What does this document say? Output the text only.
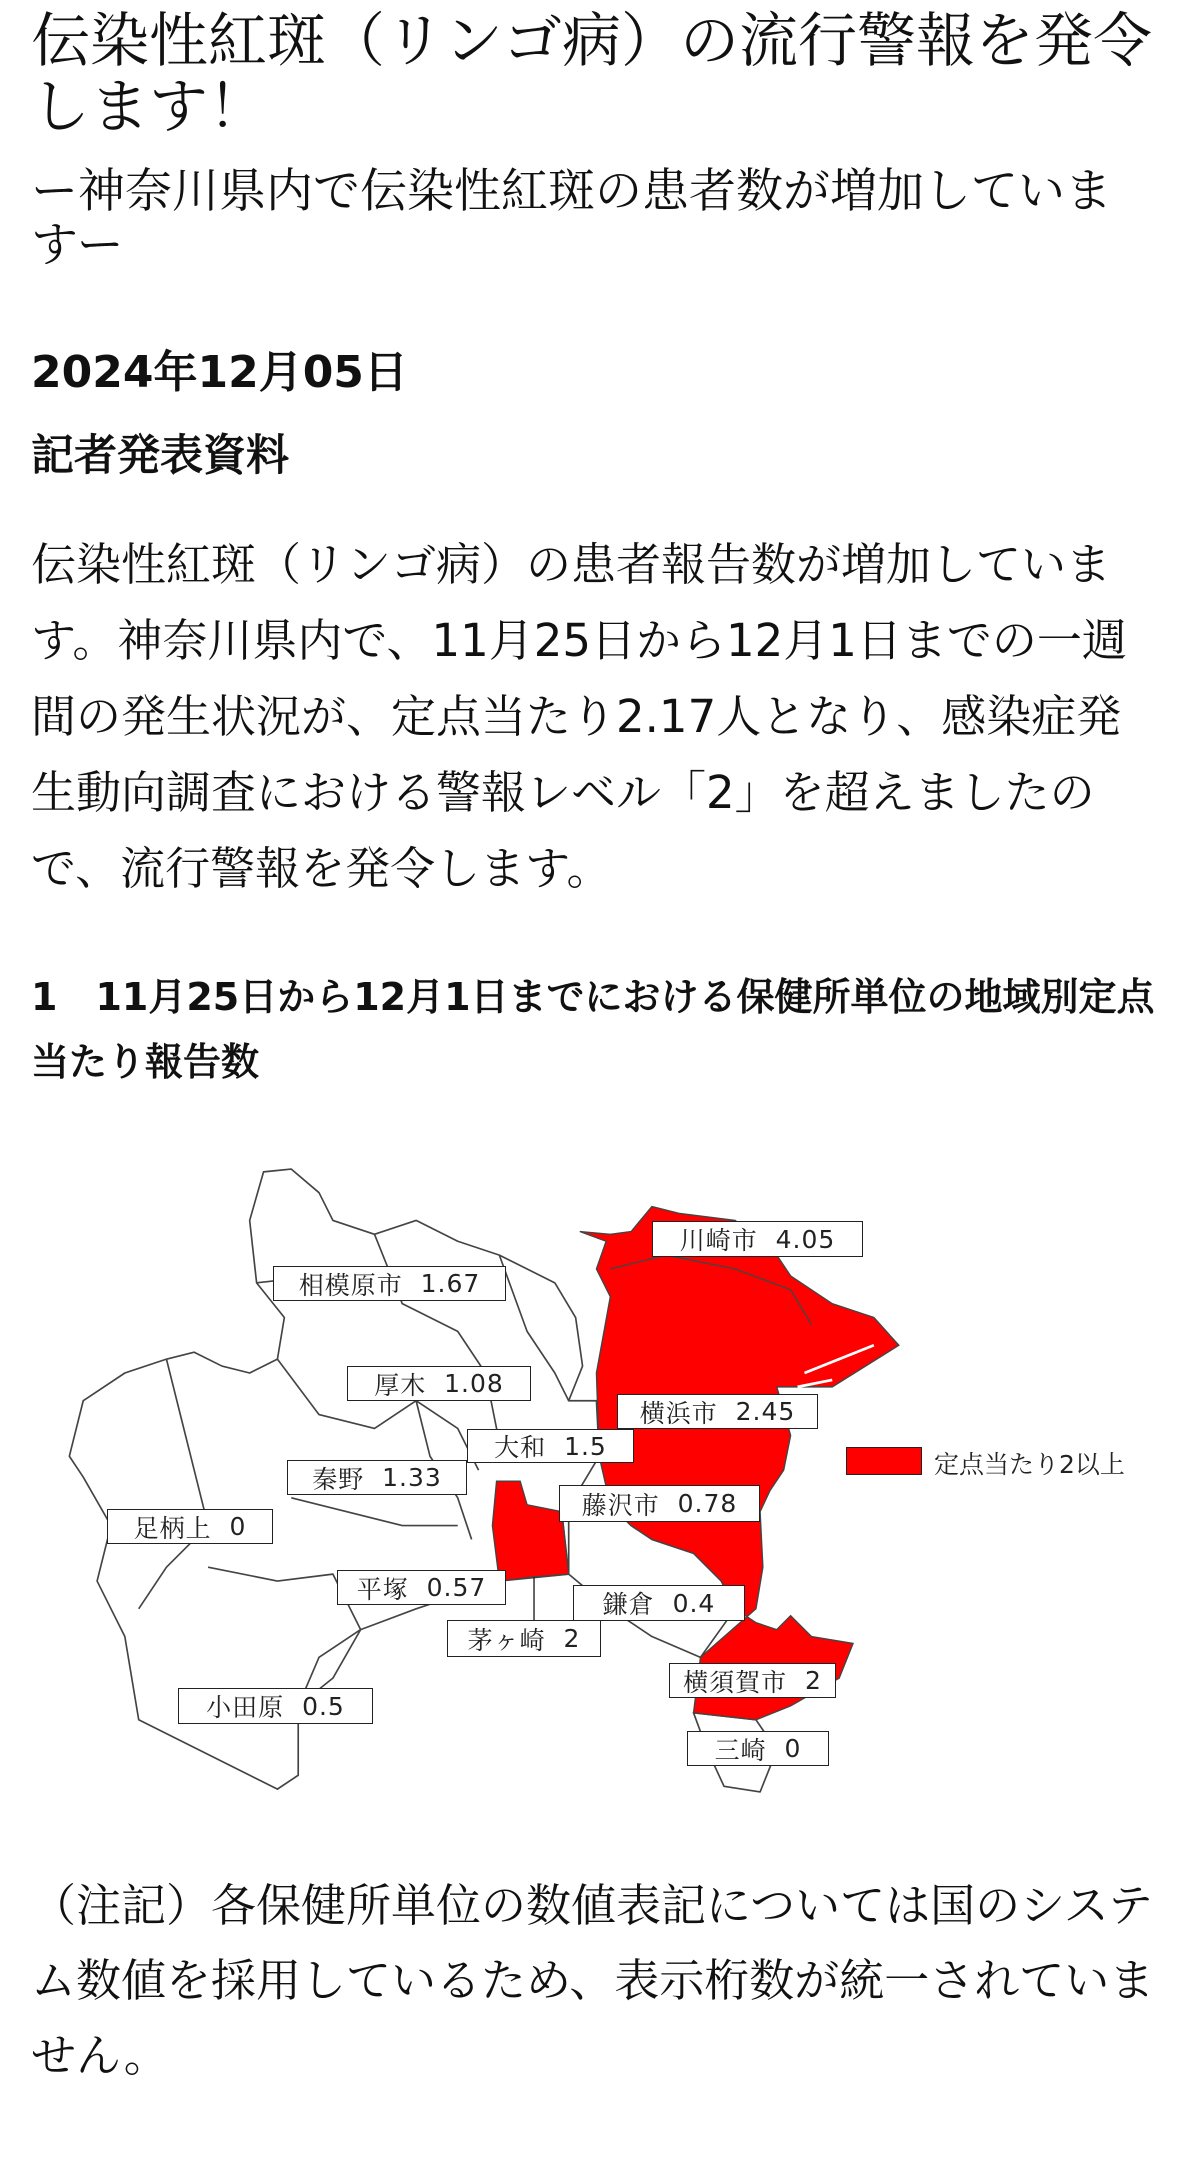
伝染性紅斑（リンゴ病）の流行警報を発令します！
ー神奈川県内で伝染性紅斑の患者数が増加していますー
2024年12月05日
記者発表資料

伝染性紅斑（リンゴ病）の患者報告数が増加しています。神奈川県内で、11月25日から12月1日までの一週間の発生状況が、定点当たり2.17人となり、感染症発生動向調査における警報レベル「2」を超えましたので、流行警報を発令します。

1　11月25日から12月1日までにおける保健所単位の地域別定点当たり報告数
川崎市
4.05
相模原市
1.67
厚木
1.08
横浜市
2.45
大和
1.5
秦野
1.33
藤沢市
0.78
足柄上
0
平塚
0.57
鎌倉
0.4
茅ヶ崎
2
横須賀市
2
小田原
0.5
三崎
0
定点当たり2以上

（注記）各保健所単位の数値表記については国のシステム数値を採用しているため、表示桁数が統一されていません。
